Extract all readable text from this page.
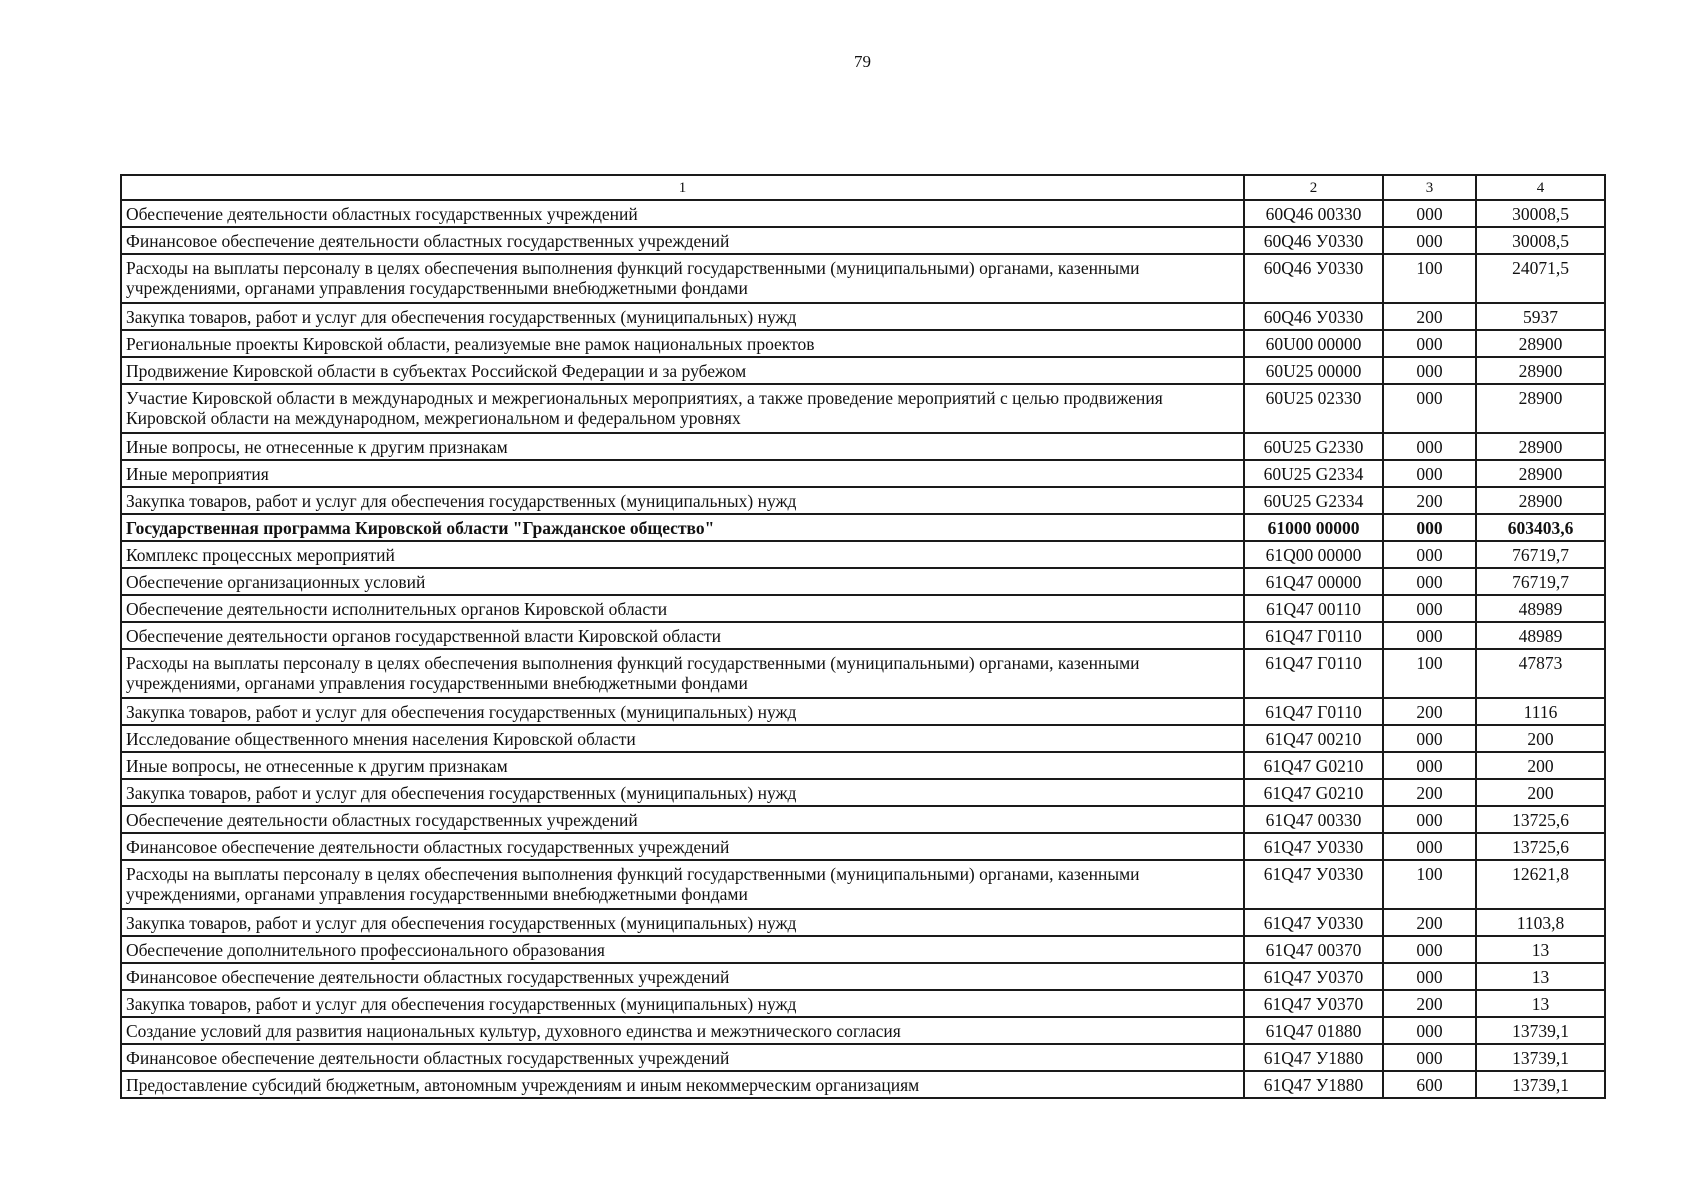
79
1	2	3	4
Обеспечение деятельности областных государственных учреждений	60Q46 00330	000	30008,5
Финансовое обеспечение деятельности областных государственных учреждений	60Q46 У0330	000	30008,5
Расходы на выплаты персоналу в целях обеспечения выполнения функций государственными (муниципальными) органами, казенными учреждениями, органами управления государственными внебюджетными фондами	60Q46 У0330	100	24071,5
Закупка товаров, работ и услуг для обеспечения государственных (муниципальных) нужд	60Q46 У0330	200	5937
Региональные проекты Кировской области, реализуемые вне рамок национальных проектов	60U00 00000	000	28900
Продвижение Кировской области в субъектах Российской Федерации и за рубежом	60U25 00000	000	28900
Участие Кировской области в международных и межрегиональных мероприятиях, а также проведение мероприятий с целью продвижения Кировской области на международном, межрегиональном и федеральном уровнях	60U25 02330	000	28900
Иные вопросы, не отнесенные к другим признакам	60U25 G2330	000	28900
Иные мероприятия	60U25 G2334	000	28900
Закупка товаров, работ и услуг для обеспечения государственных (муниципальных) нужд	60U25 G2334	200	28900
Государственная программа Кировской области "Гражданское общество"	61000 00000	000	603403,6
Комплекс процессных мероприятий	61Q00 00000	000	76719,7
Обеспечение организационных условий	61Q47 00000	000	76719,7
Обеспечение деятельности исполнительных органов Кировской области	61Q47 00110	000	48989
Обеспечение деятельности органов государственной власти Кировской области	61Q47 Г0110	000	48989
Расходы на выплаты персоналу в целях обеспечения выполнения функций государственными (муниципальными) органами, казенными учреждениями, органами управления государственными внебюджетными фондами	61Q47 Г0110	100	47873
Закупка товаров, работ и услуг для обеспечения государственных (муниципальных) нужд	61Q47 Г0110	200	1116
Исследование общественного мнения населения Кировской области	61Q47 00210	000	200
Иные вопросы, не отнесенные к другим признакам	61Q47 G0210	000	200
Закупка товаров, работ и услуг для обеспечения государственных (муниципальных) нужд	61Q47 G0210	200	200
Обеспечение деятельности областных государственных учреждений	61Q47 00330	000	13725,6
Финансовое обеспечение деятельности областных государственных учреждений	61Q47 У0330	000	13725,6
Расходы на выплаты персоналу в целях обеспечения выполнения функций государственными (муниципальными) органами, казенными учреждениями, органами управления государственными внебюджетными фондами	61Q47 У0330	100	12621,8
Закупка товаров, работ и услуг для обеспечения государственных (муниципальных) нужд	61Q47 У0330	200	1103,8
Обеспечение дополнительного профессионального образования	61Q47 00370	000	13
Финансовое обеспечение деятельности областных государственных учреждений	61Q47 У0370	000	13
Закупка товаров, работ и услуг для обеспечения государственных (муниципальных) нужд	61Q47 У0370	200	13
Создание условий для развития национальных культур, духовного единства и межэтнического согласия	61Q47 01880	000	13739,1
Финансовое обеспечение деятельности областных государственных учреждений	61Q47 У1880	000	13739,1
Предоставление субсидий бюджетным, автономным учреждениям и иным некоммерческим организациям	61Q47 У1880	600	13739,1
